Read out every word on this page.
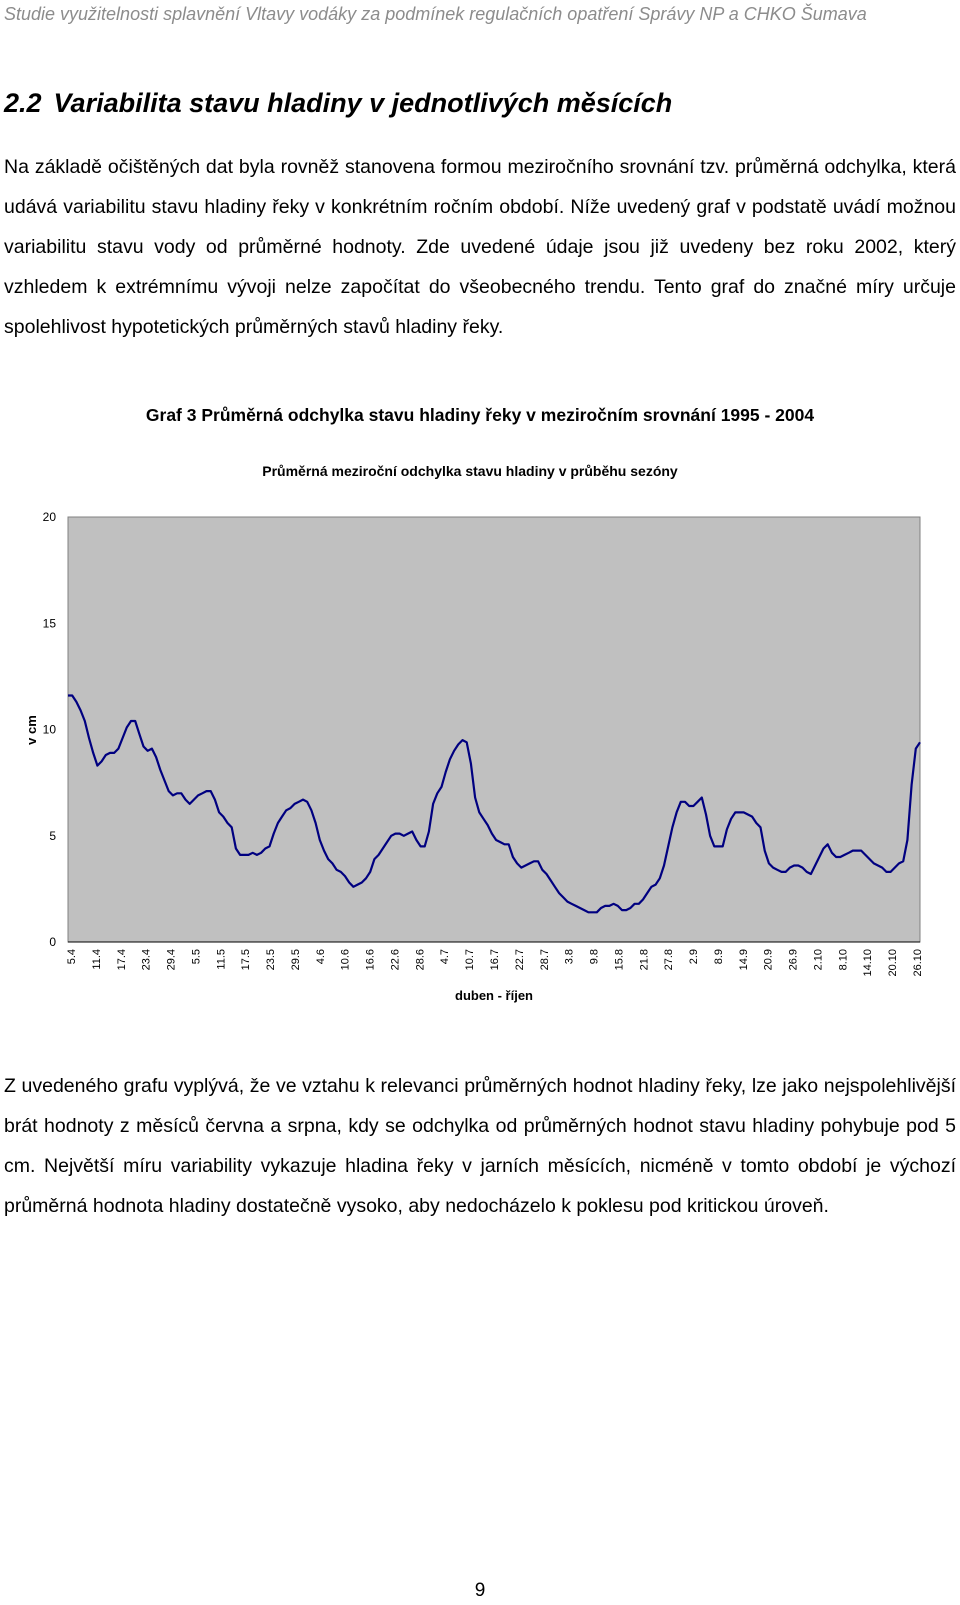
Studie využitelnosti splavnění Vltavy vodáky za podmínek regulačních opatření Správy NP a CHKO Šumava
2.2 Variabilita stavu hladiny v jednotlivých měsících

Na základě očištěných dat byla rovněž stanovena formou meziročního srovnání tzv. průměrná odchylka, která udává variabilitu stavu hladiny řeky v konkrétním ročním období. Níže uvedený graf v podstatě uvádí možnou variabilitu stavu vody od průměrné hodnoty. Zde uvedené údaje jsou již uvedeny bez roku 2002, který vzhledem k extrémnímu vývoji nelze započítat do všeobecného trendu. Tento graf do značné míry určuje spolehlivost hypotetických průměrných stavů hladiny řeky.

Graf 3 Průměrná odchylka stavu hladiny řeky v meziročním srovnání 1995 - 2004
Průměrná meziroční odchylka stavu hladiny v průběhu sezóny
0
5
10
15
20
5.4 11.4 17.4 23.4 29.4 5.5 11.5 17.5 23.5 29.5 4.6 10.6 16.6 22.6 28.6 4.7 10.7 16.7 22.7 28.7 3.8 9.8 15.8 21.8 27.8 2.9 8.9 14.9 20.9 26.9 2.10 8.10 14.10 20.10 26.10
v cm
duben - říjen

Z uvedeného grafu vyplývá, že ve vztahu k relevanci průměrných hodnot hladiny řeky, lze jako nejspolehlivější brát hodnoty z měsíců června a srpna, kdy se odchylka od průměrných hodnot stavu hladiny pohybuje pod 5 cm. Největší míru variability vykazuje hladina řeky v jarních měsících, nicméně v tomto období je výchozí průměrná hodnota hladiny dostatečně vysoko, aby nedocházelo k poklesu pod kritickou úroveň.

9
